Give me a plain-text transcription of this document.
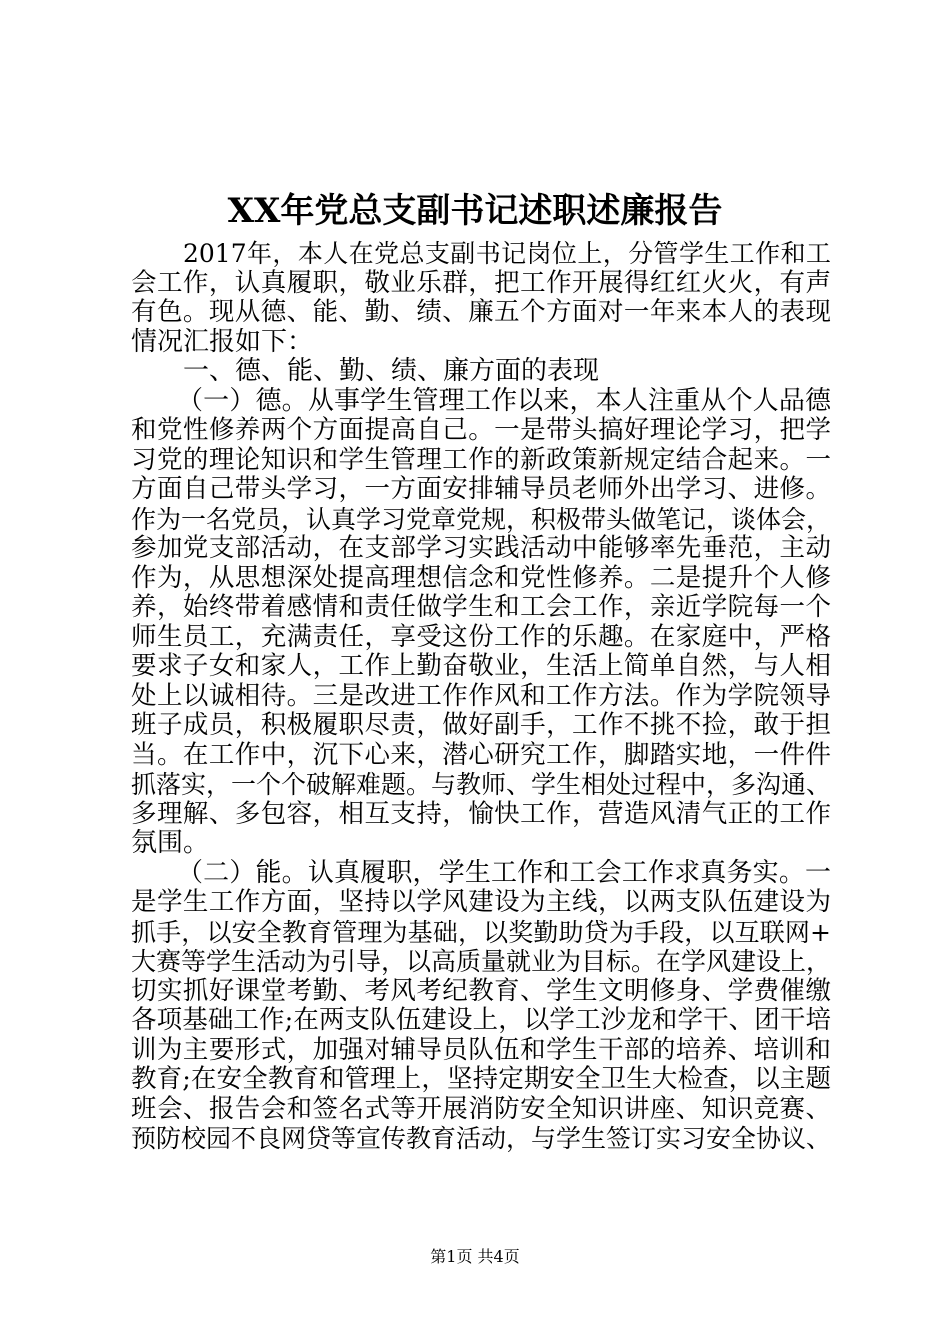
XX年党总支副书记述职述廉报告
2017年，本人在党总支副书记岗位上，分管学生工作和工
会工作，认真履职，敬业乐群，把工作开展得红红火火，有声
有色。现从德、能、勤、绩、廉五个方面对一年来本人的表现
情况汇报如下：
一、德、能、勤、绩、廉方面的表现
（一）德。从事学生管理工作以来，本人注重从个人品德
和党性修养两个方面提高自己。一是带头搞好理论学习，把学
习党的理论知识和学生管理工作的新政策新规定结合起来。一
方面自己带头学习，一方面安排辅导员老师外出学习、进修。
作为一名党员，认真学习党章党规，积极带头做笔记，谈体会，
参加党支部活动，在支部学习实践活动中能够率先垂范，主动
作为，从思想深处提高理想信念和党性修养。二是提升个人修
养，始终带着感情和责任做学生和工会工作，亲近学院每一个
师生员工，充满责任，享受这份工作的乐趣。在家庭中，严格
要求子女和家人，工作上勤奋敬业，生活上简单自然，与人相
处上以诚相待。三是改进工作作风和工作方法。作为学院领导
班子成员，积极履职尽责，做好副手，工作不挑不捡，敢于担
当。在工作中，沉下心来，潜心研究工作，脚踏实地，一件件
抓落实，一个个破解难题。与教师、学生相处过程中，多沟通、
多理解、多包容，相互支持，愉快工作，营造风清气正的工作
氛围。
（二）能。认真履职，学生工作和工会工作求真务实。一
是学生工作方面，坚持以学风建设为主线，以两支队伍建设为
抓手，以安全教育管理为基础，以奖勤助贷为手段，以互联网+
大赛等学生活动为引导，以高质量就业为目标。在学风建设上，
切实抓好课堂考勤、考风考纪教育、学生文明修身、学费催缴
各项基础工作;在两支队伍建设上，以学工沙龙和学干、团干培
训为主要形式，加强对辅导员队伍和学生干部的培养、培训和
教育;在安全教育和管理上，坚持定期安全卫生大检查，以主题
班会、报告会和签名式等开展消防安全知识讲座、知识竞赛、
预防校园不良网贷等宣传教育活动，与学生签订实习安全协议、
第1页 共4页
